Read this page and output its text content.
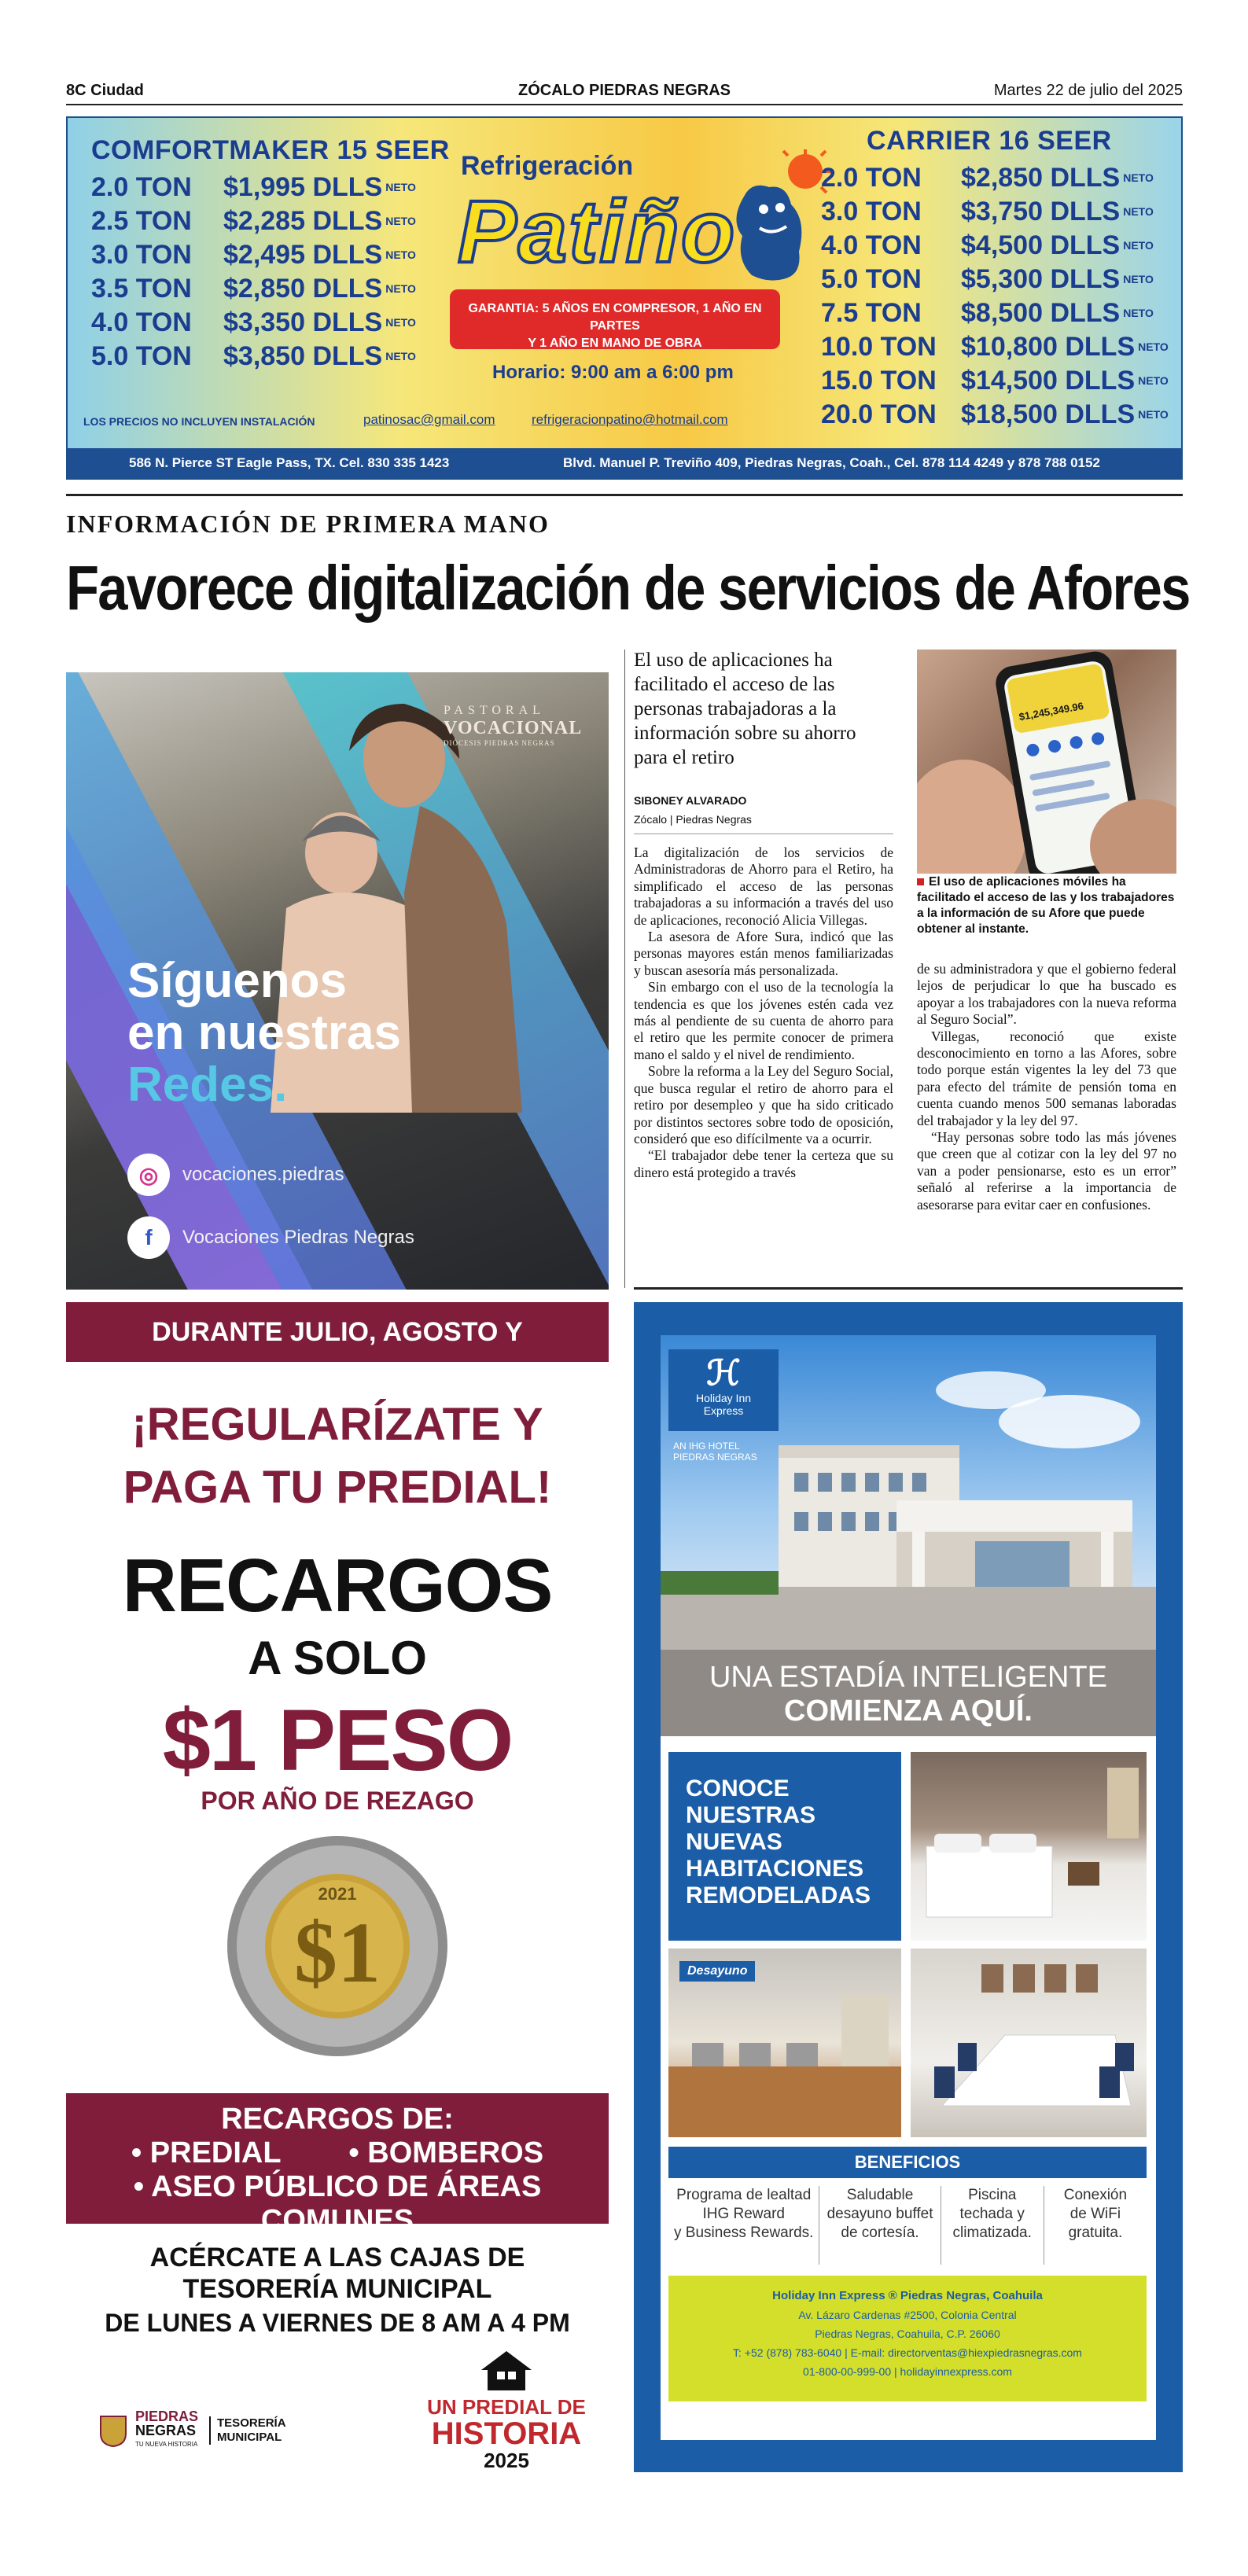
8C Ciudad	ZÓCALO PIEDRAS NEGRAS	Martes 22 de julio del 2025
COMFORTMAKER 15 SEER
2.0 TON	$1,995 DLLS NETO
2.5 TON	$2,285 DLLS NETO
3.0 TON	$2,495 DLLS NETO
3.5 TON	$2,850 DLLS NETO
4.0 TON	$3,350 DLLS NETO
5.0 TON	$3,850 DLLS NETO
Refrigeración
Patiño
GARANTIA: 5 AÑOS EN COMPRESOR, 1 AÑO EN PARTES
Y 1 AÑO EN MANO DE OBRA
Horario: 9:00 am a 6:00 pm
LOS PRECIOS NO INCLUYEN INSTALACIÓN	patinosac@gmail.com	refrigeracionpatino@hotmail.com
CARRIER 16 SEER
2.0 TON	$2,850 DLLS NETO
3.0 TON	$3,750 DLLS NETO
4.0 TON	$4,500 DLLS NETO
5.0 TON	$5,300 DLLS NETO
7.5 TON	$8,500 DLLS NETO
10.0 TON $10,800 DLLS NETO
15.0 TON $14,500 DLLS NETO
20.0 TON $18,500 DLLS NETO
586 N. Pierce ST Eagle Pass, TX. Cel. 830 335 1423	Blvd. Manuel P. Treviño 409, Piedras Negras, Coah., Cel. 878 114 4249 y 878 788 0152
INFORMACIÓN DE PRIMERA MANO
Favorece digitalización de servicios de Afores
PASTORAL
VOCACIONAL
DIÓCESIS PIEDRAS NEGRAS
Síguenos
en nuestras
Redes.
◎	vocaciones.piedras
f	Vocaciones Piedras Negras
El uso de aplicaciones ha facilitado el acceso de las personas trabajadoras a la información sobre su ahorro para el retiro
SIBONEY ALVARADO
Zócalo | Piedras Negras

La digitalización de los servicios de Administradoras de Ahorro para el Retiro, ha simplificado el acceso de las personas trabajadoras a su información a través del uso de aplicaciones, reconoció Alicia Villegas.

La asesora de Afore Sura, indicó que las personas mayores están menos familiarizadas y buscan asesoría más personalizada.

Sin embargo con el uso de la tecnología la tendencia es que los jóvenes estén cada vez más al pendiente de su cuenta de ahorro para el retiro que les permite conocer de primera mano el saldo y el nivel de rendimiento.

Sobre la reforma a la Ley del Seguro Social, que busca regular el retiro de ahorro para el retiro por desempleo y que ha sido criticado por distintos sectores sobre todo de oposición, consideró que eso difícilmente va a ocurrir.

“El trabajador debe tener la certeza que su dinero está protegido a través

$1,245,349.96
El uso de aplicaciones móviles ha facilitado el acceso de las y los trabajadores a la información de su Afore que puede obtener al instante.

de su administradora y que el gobierno federal lejos de perjudicar lo que ha buscado es apoyar a los trabajadores con la nueva reforma al Seguro Social”.

Villegas, reconoció que existe desconocimiento en torno a las Afores, sobre todo porque están vigentes la ley del 73 que para efecto del trámite de pensión toma en cuenta cuando menos 500 semanas laboradas del trabajador y la ley del 97.

“Hay personas sobre todo las más jóvenes que creen que al cotizar con la ley del 97 no van a poder pensionarse, esto es un error” señaló al referirse a la importancia de asesorarse para evitar caer en confusiones.

DURANTE JULIO, AGOSTO Y SEPTIEMBRE
¡REGULARÍZATE Y
PAGA TU PREDIAL!
RECARGOS
A SOLO
$1 PESO
POR AÑO DE REZAGO
2021
$1
RECARGOS DE:
• PREDIAL • BOMBEROS
• ASEO PÚBLICO DE ÁREAS COMUNES
ACÉRCATE A LAS CAJAS DE
TESORERÍA MUNICIPAL
DE LUNES A VIERNES DE 8 AM A 4 PM
PIEDRAS
NEGRAS
TU NUEVA HISTORIA
TESORERÍA
MUNICIPAL
UN PREDIAL DE
HISTORIA
2025
ℋ
Holiday Inn
Express
AN IHG HOTEL
PIEDRAS NEGRAS
UNA ESTADÍA INTELIGENTE
COMIENZA AQUÍ.
CONOCE
NUESTRAS
NUEVAS
HABITACIONES
REMODELADAS
Desayuno
BENEFICIOS
Programa de lealtad
IHG Reward
y Business Rewards.
Saludable
desayuno buffet
de cortesía.
Piscina
techada y
climatizada.
Conexión
de WiFi
gratuita.
Holiday Inn Express ® Piedras Negras, Coahuila
Av. Lázaro Cardenas #2500, Colonia Central
Piedras Negras, Coahuila, C.P. 26060
T: +52 (878) 783-6040 | E-mail: directorventas@hiexpiedrasnegras.com
01-800-00-999-00 | holidayinnexpress.com
